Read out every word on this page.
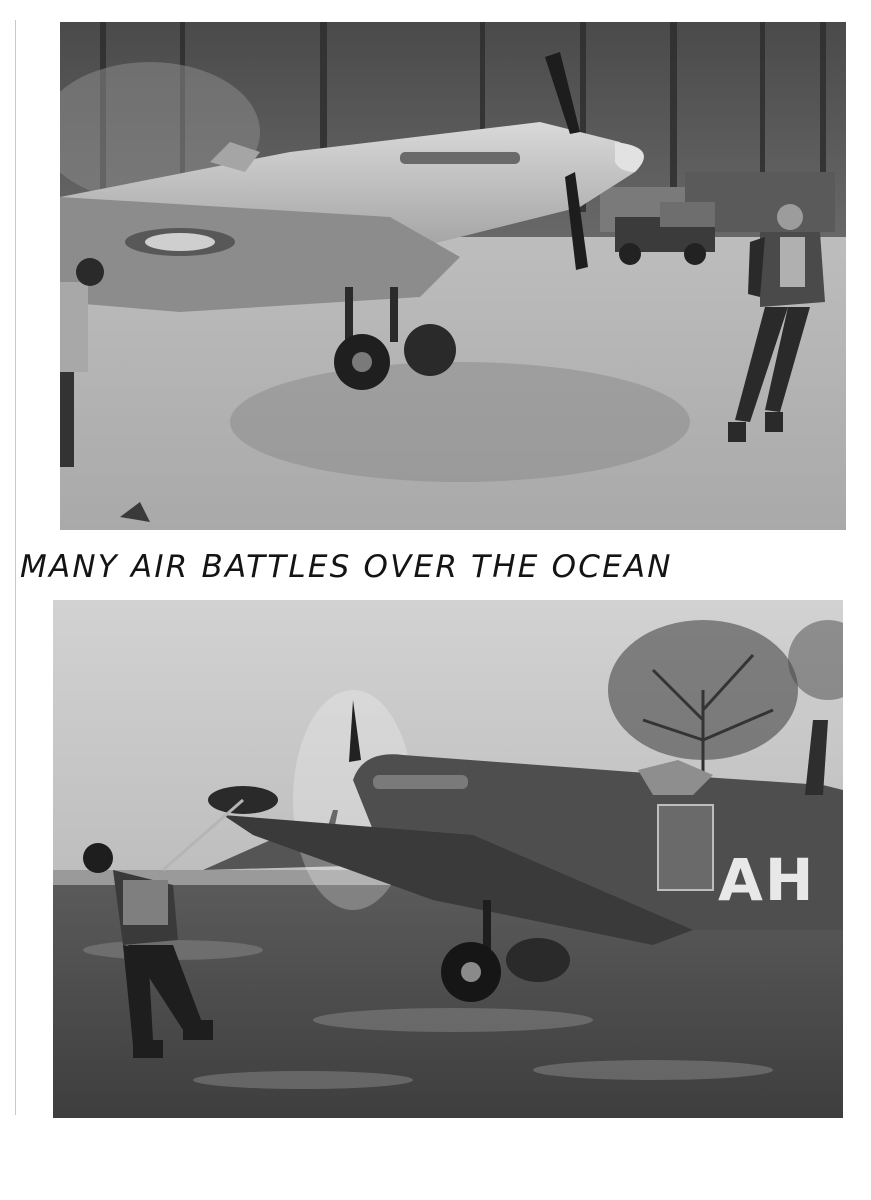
MANY AIR BATTLES OVER THE OCEAN
AH
